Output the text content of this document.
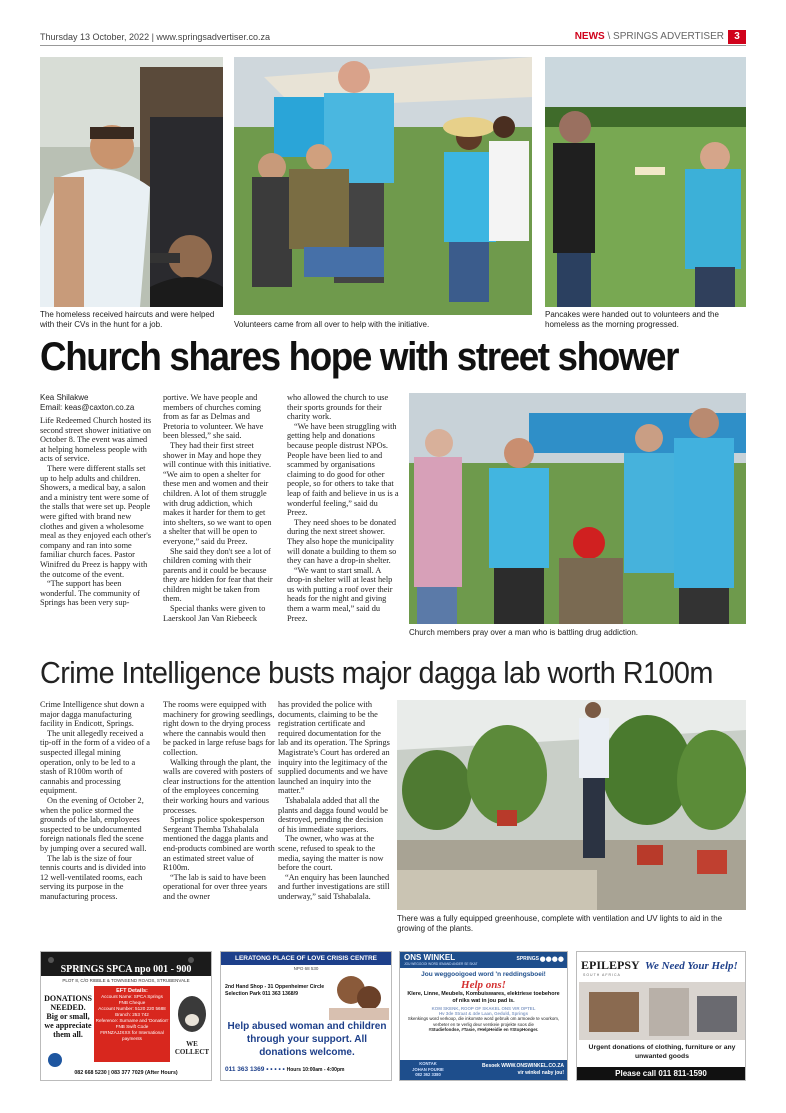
Thursday 13 October, 2022 | www.springsadvertiser.co.za	NEWS \ SPRINGS ADVERTISER	3
The homeless received haircuts and were helped with their CVs in the hunt for a job.	Volunteers came from all over to help with the initiative.
Pancakes were handed out to volunteers and the homeless as the morning progressed.
Church shares hope with street shower
Kea Shilakwe
Email: keas@caxton.co.za

Life Redeemed Church hosted its second street shower initiative on October 8. The event was aimed at helping homeless people with acts of service.

There were different stalls set up to help adults and children. Showers, a medical bay, a salon and a ministry tent were some of the stalls that were set up. People were gifted with brand new clothes and given a wholesome meal as they enjoyed each other's company and ran into some familiar church faces. Pastor Winifred du Preez is happy with the outcome of the event.

“The support has been wonderful. The community of Springs has been very sup-

portive. We have people and members of churches coming from as far as Delmas and Pretoria to volunteer. We have been blessed,” she said.

They had their first street shower in May and hope they will continue with this initiative. “We aim to open a shelter for these men and women and their children. A lot of them struggle with drug addiction, which makes it harder for them to get into shelters, so we want to open a shelter that will be open to everyone,” said du Preez.

She said they don't see a lot of children coming with their parents and it could be because they are hidden for fear that their children might be taken from them.

Special thanks were given to Laerskool Jan Van Riebeeck

who allowed the church to use their sports grounds for their charity work.

“We have been struggling with getting help and donations because people distrust NPOs. People have been lied to and scammed by organisations claiming to do good for other people, so for others to take that leap of faith and believe in us is a wonderful feeling,” said du Preez.

They need shoes to be donated during the next street shower. They also hope the municipality will donate a building to them so they can have a drop-in shelter.

“We want to start small. A drop-in shelter will at least help us with putting a roof over their heads for the night and giving them a warm meal,” said du Preez.

Church members pray over a man who is battling drug addiction.
Crime Intelligence busts major dagga lab worth R100m

Crime Intelligence shut down a major dagga manufacturing facility in Endicott, Springs.

The unit allegedly received a tip-off in the form of a video of a suspected illegal mining operation, only to be led to a stash of R100m worth of cannabis and processing equipment.

On the evening of October 2, when the police stormed the grounds of the lab, employees suspected to be undocumented foreign nationals fled the scene by jumping over a secured wall.

The lab is the size of four tennis courts and is divided into 12 well-ventilated rooms, each serving its purpose in the manufacturing process.

The rooms were equipped with machinery for growing seedlings, right down to the drying process where the cannabis would then be packed in large refuse bags for collection.

Walking through the plant, the walls are covered with posters of clear instructions for the attention of the employees concerning their working hours and various processes.

Springs police spokesperson Sergeant Themba Tshabalala mentioned the dagga plants and end-products combined are worth an estimated street value of R100m.

“The lab is said to have been operational for over three years and the owner

has provided the police with documents, claiming to be the registration certificate and required documentation for the lab and its operation. The Springs Magistrate's Court has ordered an inquiry into the legitimacy of the supplied documents and we have launched an inquiry into the matter.”

Tshabalala added that all the plants and dagga found would be destroyed, pending the decision of his immediate superiors.

The owner, who was at the scene, refused to speak to the media, saying the matter is now before the court.

“An enquiry has been launched and further investigations are still underway,” said Tshabalala.

There was a fully equipped greenhouse, complete with ventilation and UV lights to aid in the growing of the plants.
SPRINGS SPCA npo 001 - 900
PLOT 8, C/O RIBBLE & TOWNSEND ROADS, STRUBENVALE
DONATIONS NEEDED. Big or small, we appreciate them all.
EFT Details:
Account Name: SPCA Springs
FNB Cheque
Account Number: 5120 220 5688
Branch: 253 742
Reference: Surname and 'Donation'
FNB Swift Code
FIRNZAJJXXX for International payments
WE COLLECT
082 668 5230 | 083 377 7029 (After Hours)
LERATONG PLACE OF LOVE CRISIS CENTRE
NPO 68 530
2nd Hand Shop - 31 Oppenheimer Circle
Selection Park 011 363 1368/9
Help abused woman and children through your support. All donations welcome.
011 363 1369 • • • • • Hours 10:00am - 4:00pm
ONS WINKEL
JOU WEGGOOI WORD IEMAND ANDER SE SKAT
SPRINGS ●●●●
Jou weggooigoed word 'n reddingsboei!
Help ons!
Klere, Linne, Meubels, Kombuiswares, elektriese toebehore of niks wat in jou pad is.
KOM SKENK, ROOP OF SKAKEL ONS VIR OPTEL
Hv 3de Straat & 4de Laan, Geduld, Springs
Skenkings word verkoop, die inkomste word gebruik om armoede te voorkom, verbeter en te verlig deur verskeie projekte soos die
#Studiefondse, #Tasie, #HelpHeidie en #StopHonger.
KONTAK
JOHAN FOURIE
082 362 3380
Besoek WWW.ONSWINKEL.CO.ZA
vir winkel naby jou!
EPILEPSY
SOUTH AFRICA
We Need Your Help!
Urgent donations of clothing, furniture or any unwanted goods
Please call 011 811-1590
